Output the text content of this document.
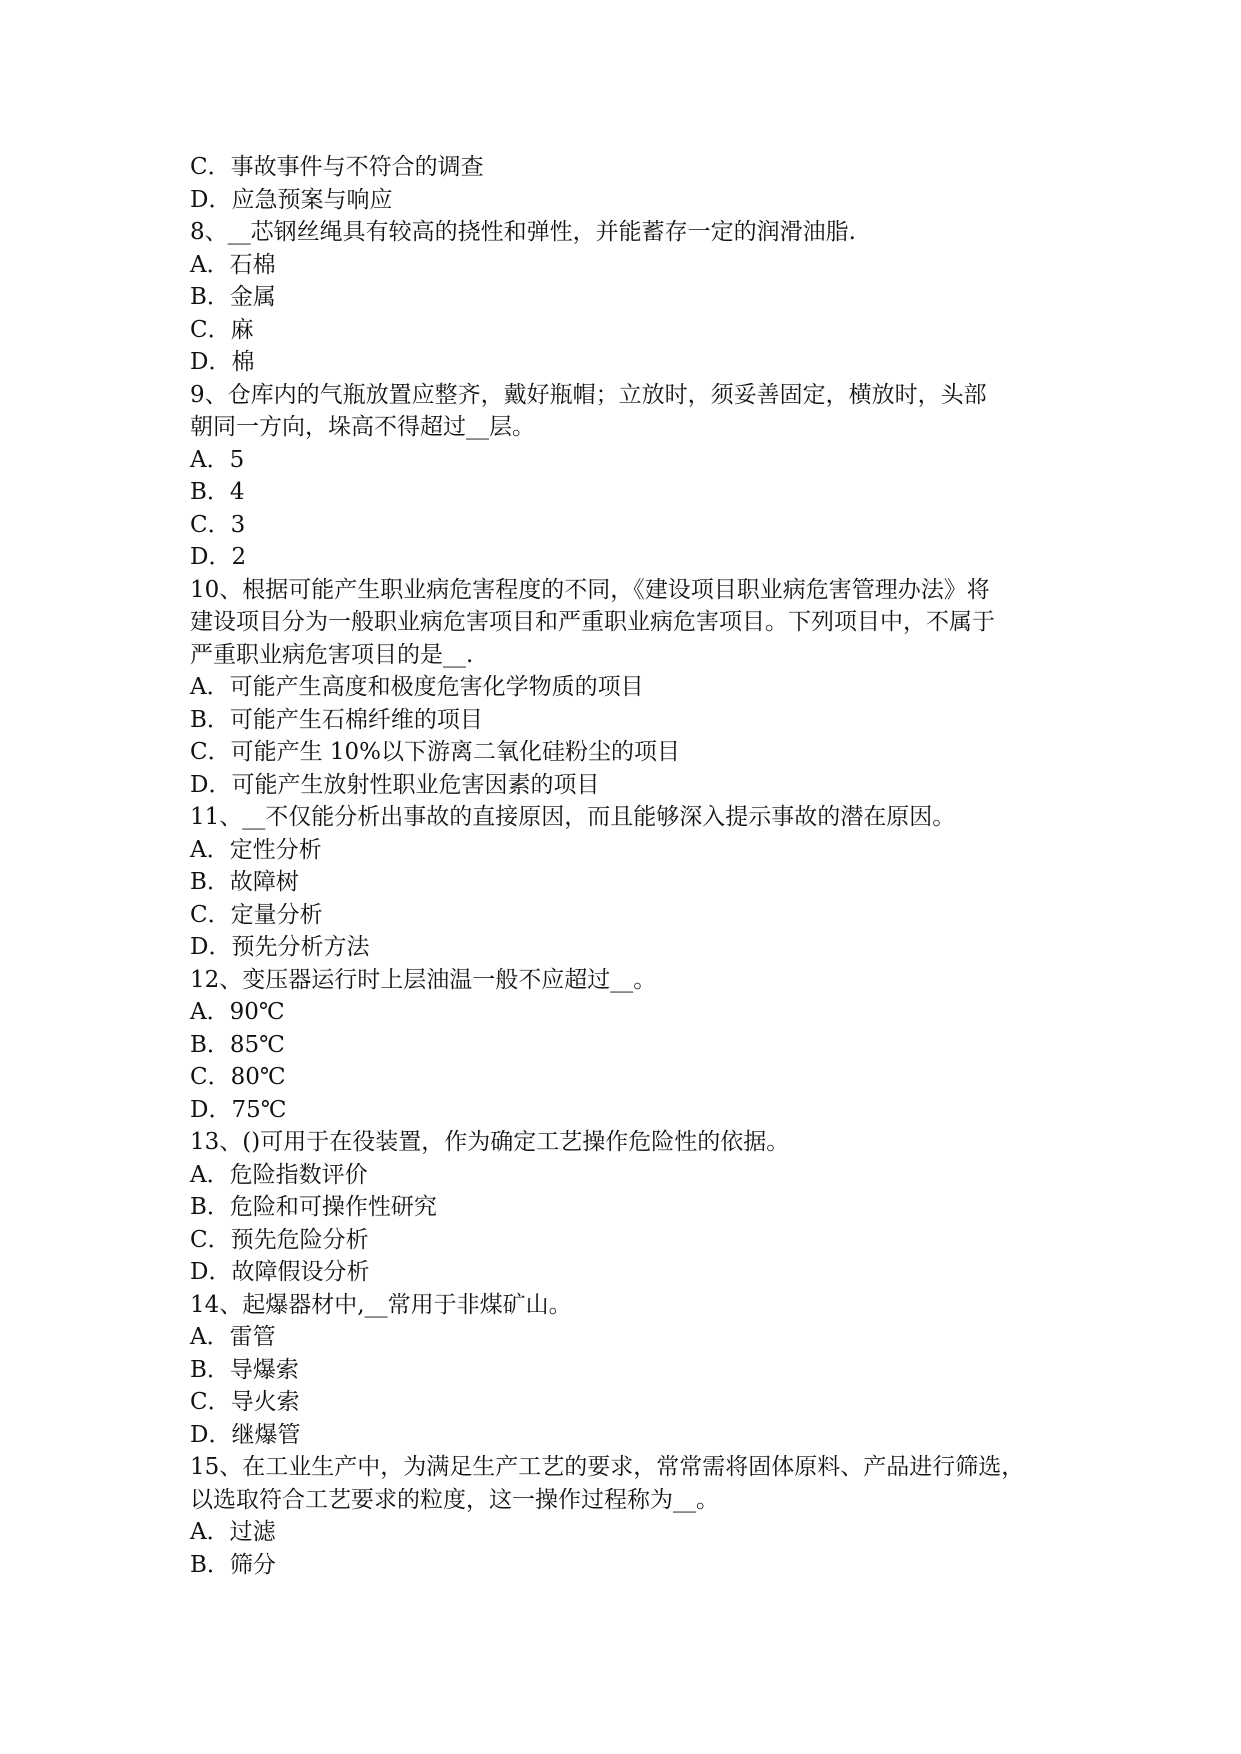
C．事故事件与不符合的调查
D．应急预案与响应
8、__芯钢丝绳具有较高的挠性和弹性，并能蓄存一定的润滑油脂.
A．石棉
B．金属
C．麻
D．棉
9、仓库内的气瓶放置应整齐，戴好瓶帽；立放时，须妥善固定，横放时，头部
朝同一方向，垛高不得超过__层。
A．5
B．4
C．3
D．2
10、根据可能产生职业病危害程度的不同，《建设项目职业病危害管理办法》将
建设项目分为一般职业病危害项目和严重职业病危害项目。下列项目中，不属于
严重职业病危害项目的是__.
A．可能产生高度和极度危害化学物质的项目
B．可能产生石棉纤维的项目
C．可能产生 10%以下游离二氧化硅粉尘的项目
D．可能产生放射性职业危害因素的项目
11、__不仅能分析出事故的直接原因，而且能够深入提示事故的潜在原因。
A．定性分析
B．故障树
C．定量分析
D．预先分析方法
12、变压器运行时上层油温一般不应超过__。
A．90℃
B．85℃
C．80℃
D．75℃
13、()可用于在役装置，作为确定工艺操作危险性的依据。
A．危险指数评价
B．危险和可操作性研究
C．预先危险分析
D．故障假设分析
14、起爆器材中,__常用于非煤矿山。
A．雷管
B．导爆索
C．导火索
D．继爆管
15、在工业生产中，为满足生产工艺的要求，常常需将固体原料、产品进行筛选，
以选取符合工艺要求的粒度，这一操作过程称为__。
A．过滤
B．筛分
